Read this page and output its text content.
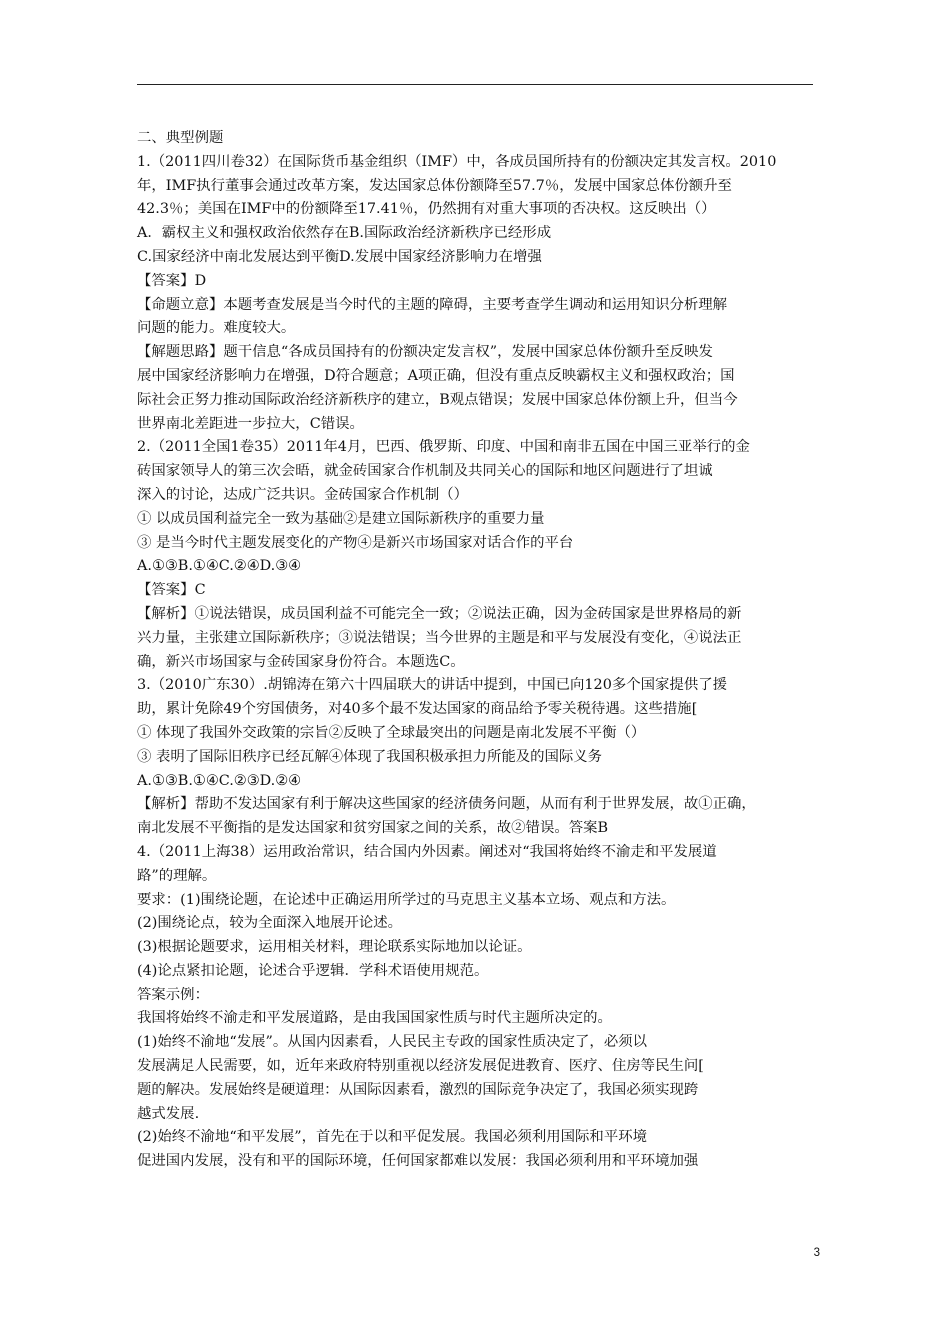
二、典型例题
1.（2011四川卷32）在国际货币基金组织（IMF）中，各成员国所持有的份额决定其发言权。2010
年，IMF执行董事会通过改革方案，发达国家总体份额降至57.7％，发展中国家总体份额升至
42.3％；美国在IMF中的份额降至17.41％，仍然拥有对重大事项的否决权。这反映出（）
A．霸权主义和强权政治依然存在B.国际政治经济新秩序已经形成
C.国家经济中南北发展达到平衡D.发展中国家经济影响力在增强
【答案】D
【命题立意】本题考查发展是当今时代的主题的障碍，主要考查学生调动和运用知识分析理解
问题的能力。难度较大。
【解题思路】题干信息“各成员国持有的份额决定发言权”，发展中国家总体份额升至反映发
展中国家经济影响力在增强，D符合题意；A项正确，但没有重点反映霸权主义和强权政治；国
际社会正努力推动国际政治经济新秩序的建立，B观点错误；发展中国家总体份额上升，但当今
世界南北差距进一步拉大，C错误。
2.（2011全国1卷35）2011年4月，巴西、俄罗斯、印度、中国和南非五国在中国三亚举行的金
砖国家领导人的第三次会晤，就金砖国家合作机制及共同关心的国际和地区问题进行了坦诚
深入的讨论，达成广泛共识。金砖国家合作机制（）
① 以成员国利益完全一致为基础②是建立国际新秩序的重要力量
③ 是当今时代主题发展变化的产物④是新兴市场国家对话合作的平台
A.①③B.①④C.②④D.③④
【答案】C
【解析】①说法错误，成员国利益不可能完全一致；②说法正确，因为金砖国家是世界格局的新
兴力量，主张建立国际新秩序；③说法错误；当今世界的主题是和平与发展没有变化，④说法正
确，新兴市场国家与金砖国家身份符合。本题选C。
3.（2010广东30）.胡锦涛在第六十四届联大的讲话中提到，中国已向120多个国家提供了援
助，累计免除49个穷国债务，对40多个最不发达国家的商品给予零关税待遇。这些措施[
① 体现了我国外交政策的宗旨②反映了全球最突出的问题是南北发展不平衡（）
③ 表明了国际旧秩序已经瓦解④体现了我国积极承担力所能及的国际义务
A.①③B.①④C.②③D.②④
【解析】帮助不发达国家有利于解决这些国家的经济债务问题，从而有利于世界发展，故①正确，
南北发展不平衡指的是发达国家和贫穷国家之间的关系，故②错误。答案B
4.（2011上海38）运用政治常识，结合国内外因素。阐述对“我国将始终不渝走和平发展道
路”的理解。
要求：(1)围绕论题，在论述中正确运用所学过的马克思主义基本立场、观点和方法。
(2)围绕论点，较为全面深入地展开论述。
(3)根据论题要求，运用相关材料，理论联系实际地加以论证。
(4)论点紧扣论题，论述合乎逻辑．学科术语使用规范。
答案示例：
我国将始终不渝走和平发展道路，是由我国国家性质与时代主题所决定的。
(1)始终不渝地“发展”。从国内因素看，人民民主专政的国家性质决定了，必须以
发展满足人民需要，如，近年来政府特别重视以经济发展促进教育、医疗、住房等民生问[
题的解决。发展始终是硬道理：从国际因素看，激烈的国际竞争决定了，我国必须实现跨
越式发展.
(2)始终不渝地“和平发展”，首先在于以和平促发展。我国必须利用国际和平环境
促进国内发展，没有和平的国际环境，任何国家都难以发展：我国必须利用和平环境加强
3
